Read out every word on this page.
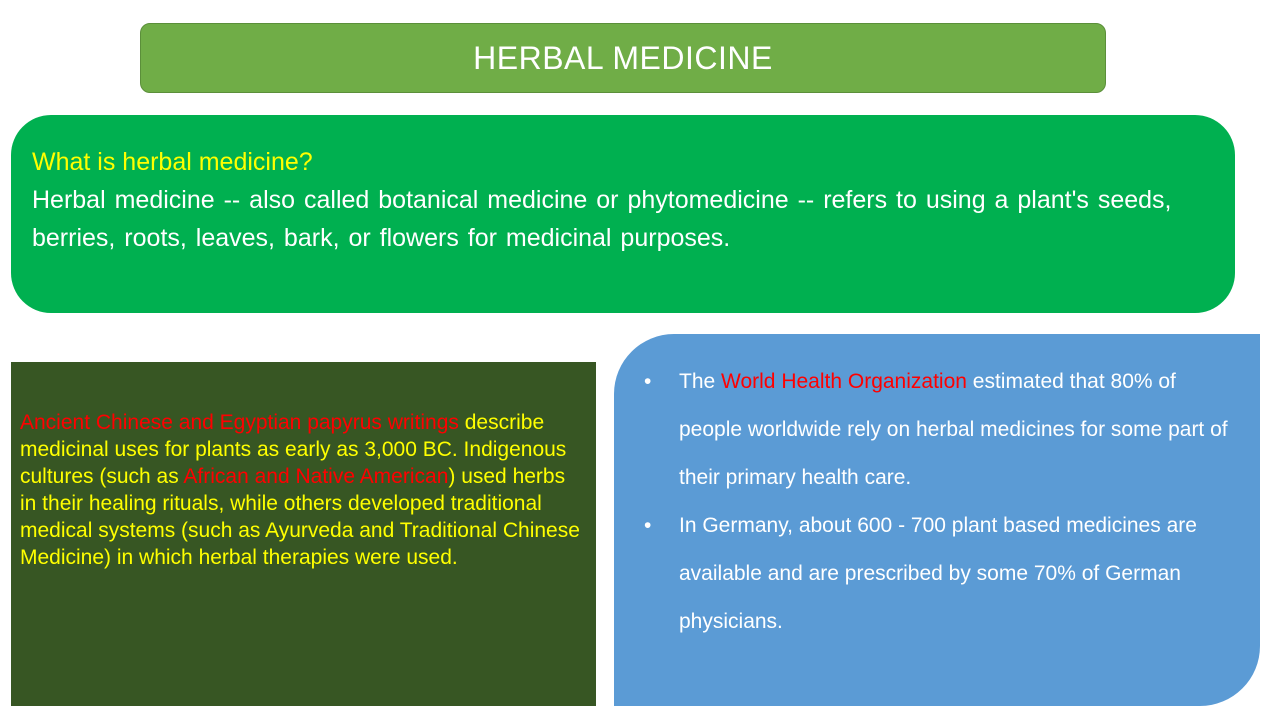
HERBAL MEDICINE

What is herbal medicine?

Herbal medicine -- also called botanical medicine or phytomedicine -- refers to using a plant's seeds, berries, roots, leaves, bark, or flowers for medicinal purposes.

Ancient Chinese and Egyptian papyrus writings describe medicinal uses for plants as early as 3,000 BC. Indigenous cultures (such as African and Native American) used herbs in their healing rituals, while others developed traditional medical systems (such as Ayurveda and Traditional Chinese Medicine) in which herbal therapies were used.

• The World Health Organization estimated that 80% of people worldwide rely on herbal medicines for some part of their primary health care.
• In Germany, about 600 - 700 plant based medicines are available and are prescribed by some 70% of German physicians.
